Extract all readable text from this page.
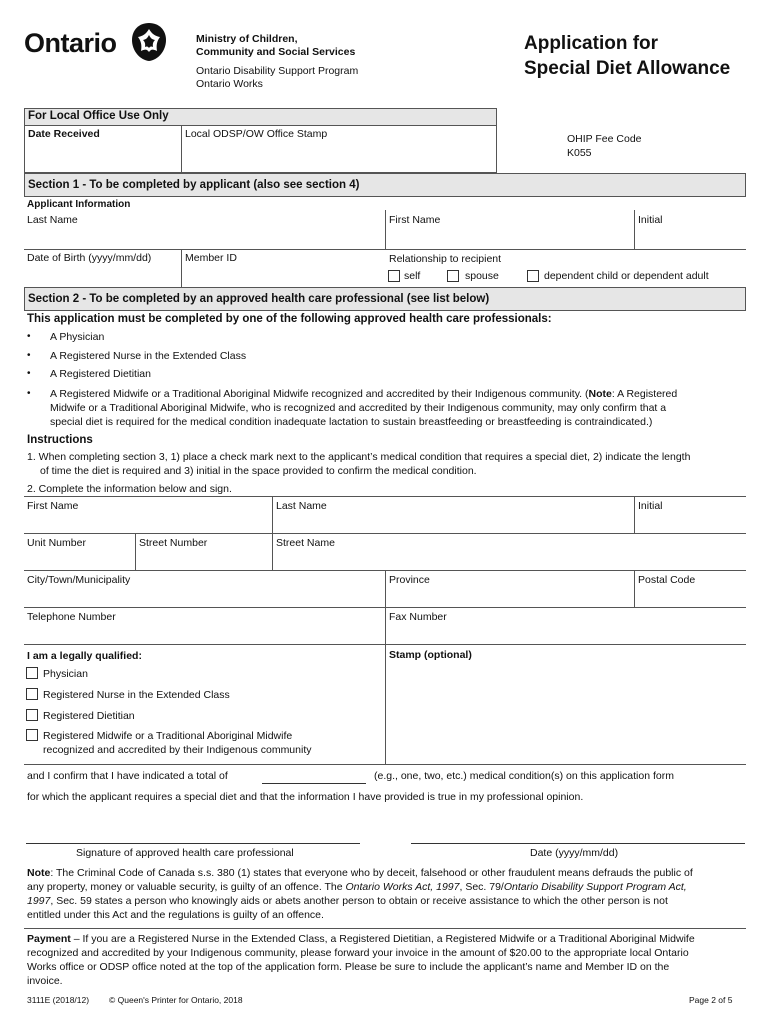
Ontario	Ministry of Children,
Community and Social Services
Ontario Disability Support Program
Ontario Works
Application for
Special Diet Allowance
For Local Office Use Only
Date Received	Local ODSP/OW Office Stamp	OHIP Fee Code
K055
Section 1 - To be completed by applicant (also see section 4)
Applicant Information
Last Name	First Name	Initial
Date of Birth (yyyy/mm/dd)	Member ID	Relationship to recipient
self	spouse	dependent child or dependent adult
Section 2 - To be completed by an approved health care professional (see list below)
This application must be completed by one of the following approved health care professionals:
• A Physician
• A Registered Nurse in the Extended Class
• A Registered Dietitian
• A Registered Midwife or a Traditional Aboriginal Midwife recognized and accredited by their Indigenous community. (Note: A Registered
Midwife or a Traditional Aboriginal Midwife, who is recognized and accredited by their Indigenous community, may only confirm that a
special diet is required for the medical condition inadequate lactation to sustain breastfeeding or breastfeeding is contraindicated.)
Instructions
1. When completing section 3, 1) place a check mark next to the applicant’s medical condition that requires a special diet, 2) indicate the length
of time the diet is required and 3) initial in the space provided to confirm the medical condition.
2. Complete the information below and sign.
First Name	Last Name	Initial
Unit Number	Street Number	Street Name
City/Town/Municipality	Province	Postal Code
Telephone Number	Fax Number
I am a legally qualified:	Stamp (optional)
Physician
Registered Nurse in the Extended Class
Registered Dietitian
Registered Midwife or a Traditional Aboriginal Midwife
recognized and accredited by their Indigenous community
and I confirm that I have indicated a total of	(e.g., one, two, etc.) medical condition(s) on this application form
for which the applicant requires a special diet and that the information I have provided is true in my professional opinion.
Signature of approved health care professional	Date (yyyy/mm/dd)
Note: The Criminal Code of Canada s.s. 380 (1) states that everyone who by deceit, falsehood or other fraudulent means defrauds the public of
any property, money or valuable security, is guilty of an offence. The Ontario Works Act, 1997, Sec. 79/Ontario Disability Support Program Act,
1997, Sec. 59 states a person who knowingly aids or abets another person to obtain or receive assistance to which the other person is not
entitled under this Act and the regulations is guilty of an offence.
Payment – If you are a Registered Nurse in the Extended Class, a Registered Dietitian, a Registered Midwife or a Traditional Aboriginal Midwife
recognized and accredited by your Indigenous community, please forward your invoice in the amount of $20.00 to the appropriate local Ontario
Works office or ODSP office noted at the top of the application form. Please be sure to include the applicant’s name and Member ID on the
invoice.
3111E (2018/12) © Queen's Printer for Ontario, 2018	Page 2 of 5
